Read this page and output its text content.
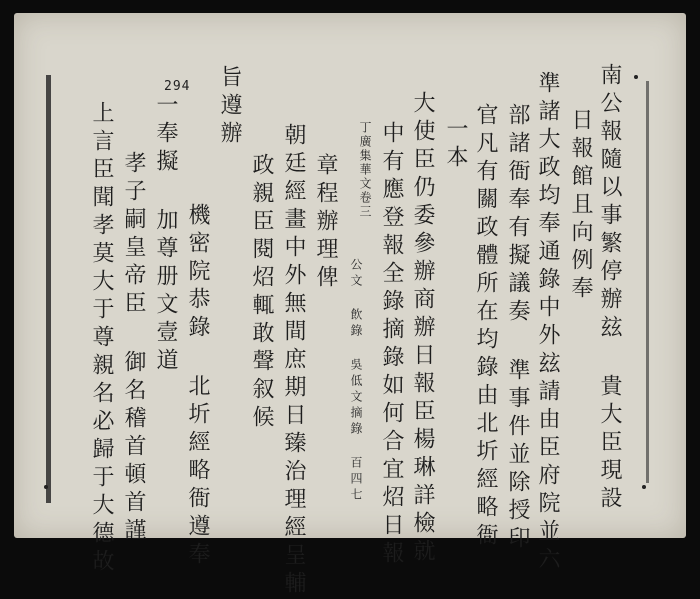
294	南公報隨以事繁停辦玆 貴大臣現設
日報館且向例奉
準諸大政均奉通錄中外玆請由臣府院並六
部諸衙奉有擬議奏 準事件並除授印
官凡有關政體所在均錄由北圻經略衙
一本
大使臣仍委參辦商辦日報臣楊琳詳檢就
中有應登報全錄摘錄如何合宜炤日報
丁廣集華文卷三
公文 飲錄 吳低文摘錄 百四七
章程辦理俾
朝廷經畫中外無間庶期日臻治理經呈輔
政親臣閱炤輒敢聲叙候
旨遵辦
機密院恭錄 北圻經略衙遵奉
一奉擬 加尊册文壹道
孝子嗣皇帝臣 御名稽首頓首謹
上言臣聞孝莫大于尊親名必歸于大德故
